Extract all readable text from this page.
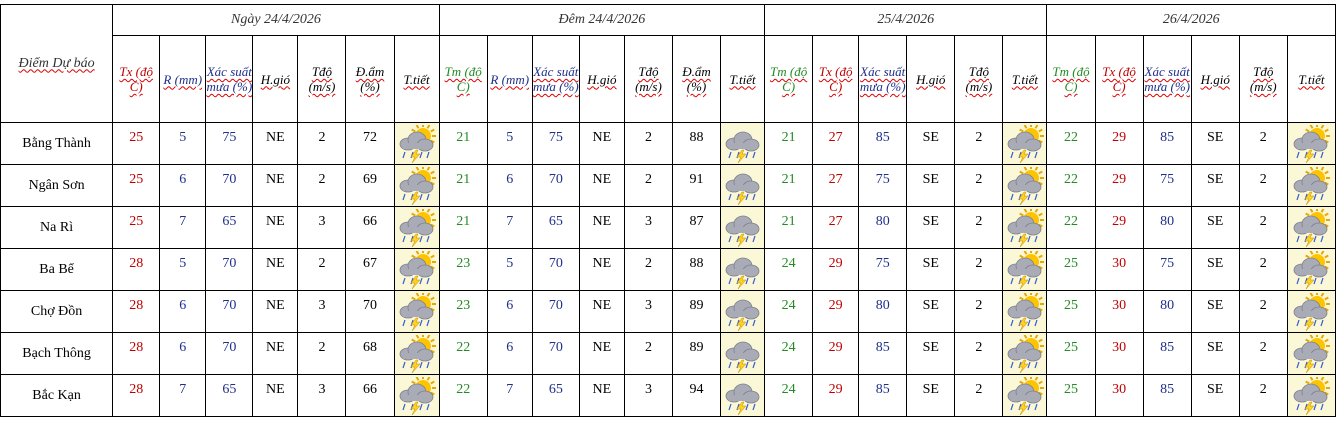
Điểm Dự báo	Ngày 24/4/2026							Đêm 24/4/2026							25/4/2026						26/4/2026					
	Tx (độ C)	R (mm)	Xác suất mưa (%)	H.gió	Tđộ (m/s)	Đ.ẩm (%)	T.tiết	Tm (độ C)	R (mm)	Xác suất mưa (%)	H.gió	Tđộ (m/s)	Đ.ẩm (%)	T.tiết	Tm (độ C)	Tx (độ C)	Xác suất mưa (%)	H.gió	Tđộ (m/s)	T.tiết	Tm (độ C)	Tx (độ C)	Xác suất mưa (%)	H.gió	Tđộ (m/s)	T.tiết
Bằng Thành	25	5	75	NE	2	72		21	5	75	NE	2	88		21	27	85	SE	2		22	29	85	SE	2

Ngân Sơn	25	6	70	NE	2	69		21	6	70	NE	2	91		21	27	75	SE	2		22	29	75	SE	2

Na Rì	25	7	65	NE	3	66		21	7	65	NE	3	87		21	27	80	SE	2		22	29	80	SE	2

Ba Bể	28	5	70	NE	2	67		23	5	70	NE	2	88		24	29	75	SE	2		25	30	75	SE	2

Chợ Đồn	28	6	70	NE	3	70		23	6	70	NE	3	89		24	29	80	SE	2		25	30	80	SE	2

Bạch Thông	28	6	70	NE	2	68		22	6	70	NE	2	89		24	29	85	SE	2		25	30	85	SE	2

Bắc Kạn	28	7	65	NE	3	66		22	7	65	NE	3	94		24	29	85	SE	2		25	30	85	SE	2
